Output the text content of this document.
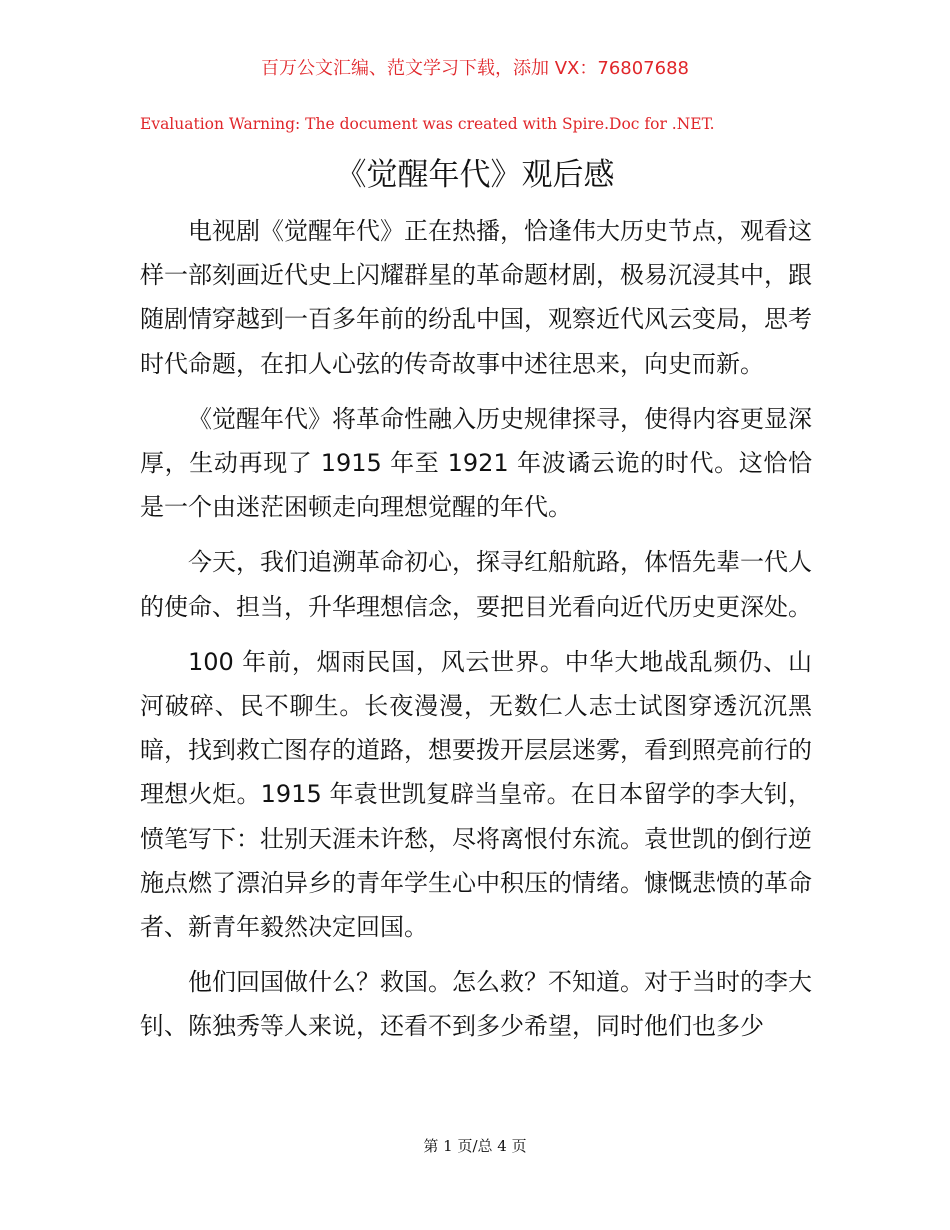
百万公文汇编、范文学习下载，添加 VX：76807688
Evaluation Warning: The document was created with Spire.Doc for .NET.
《觉醒年代》观后感

电视剧《觉醒年代》正在热播，恰逢伟大历史节点，观看这样一部刻画近代史上闪耀群星的革命题材剧，极易沉浸其中，跟随剧情穿越到一百多年前的纷乱中国，观察近代风云变局，思考时代命题，在扣人心弦的传奇故事中述往思来，向史而新。

《觉醒年代》将革命性融入历史规律探寻，使得内容更显深厚，生动再现了 1915 年至 1921 年波谲云诡的时代。这恰恰是一个由迷茫困顿走向理想觉醒的年代。

今天，我们追溯革命初心，探寻红船航路，体悟先辈一代人的使命、担当，升华理想信念，要把目光看向近代历史更深处。

100 年前，烟雨民国，风云世界。中华大地战乱频仍、山河破碎、民不聊生。长夜漫漫，无数仁人志士试图穿透沉沉黑暗，找到救亡图存的道路，想要拨开层层迷雾，看到照亮前行的理想火炬。1915 年袁世凯复辟当皇帝。在日本留学的李大钊，愤笔写下：壮别天涯未许愁，尽将离恨付东流。袁世凯的倒行逆施点燃了漂泊异乡的青年学生心中积压的情绪。慷慨悲愤的革命者、新青年毅然决定回国。

他们回国做什么？救国。怎么救？不知道。对于当时的李大钊、陈独秀等人来说，还看不到多少希望，同时他们也多少

第 1 页/总 4 页
